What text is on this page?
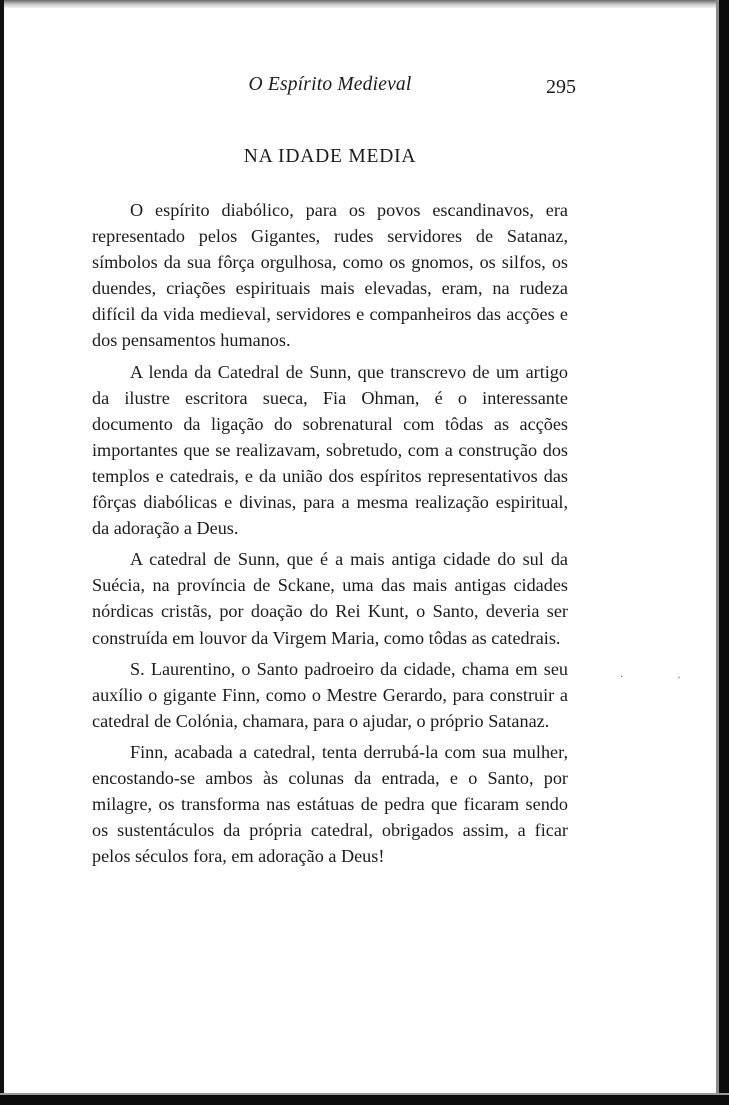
·	ˏ
O Espírito Medieval	295
NA IDADE MEDIA

O espírito diabólico, para os povos escandinavos, era representado pelos Gigantes, rudes servidores de Satanaz, símbolos da sua fôrça orgulhosa, como os gnomos, os silfos, os duendes, criações espirituais mais elevadas, eram, na rudeza difícil da vida medieval, servidores e companheiros das acções e dos pensamentos humanos.

A lenda da Catedral de Sunn, que transcrevo de um artigo da ilustre escritora sueca, Fia Ohman, é o interessante documento da ligação do sobrenatural com tôdas as acções importantes que se realizavam, sobretudo, com a construção dos templos e catedrais, e da união dos espíritos representativos das fôrças diabólicas e divinas, para a mesma realização espiritual, da adoração a Deus.

A catedral de Sunn, que é a mais antiga cidade do sul da Suécia, na província de Sckane, uma das mais antigas cidades nórdicas cristãs, por doação do Rei Kunt, o Santo, deveria ser construída em louvor da Virgem Maria, como tôdas as catedrais.

S. Laurentino, o Santo padroeiro da cidade, chama em seu auxílio o gigante Finn, como o Mestre Gerardo, para construir a catedral de Colónia, chamara, para o ajudar, o próprio Satanaz.

Finn, acabada a catedral, tenta derrubá-la com sua mulher, encostando-se ambos às colunas da entrada, e o Santo, por milagre, os transforma nas estátuas de pedra que ficaram sendo os sustentáculos da própria catedral, obrigados assim, a ficar pelos séculos fora, em adoração a Deus!
